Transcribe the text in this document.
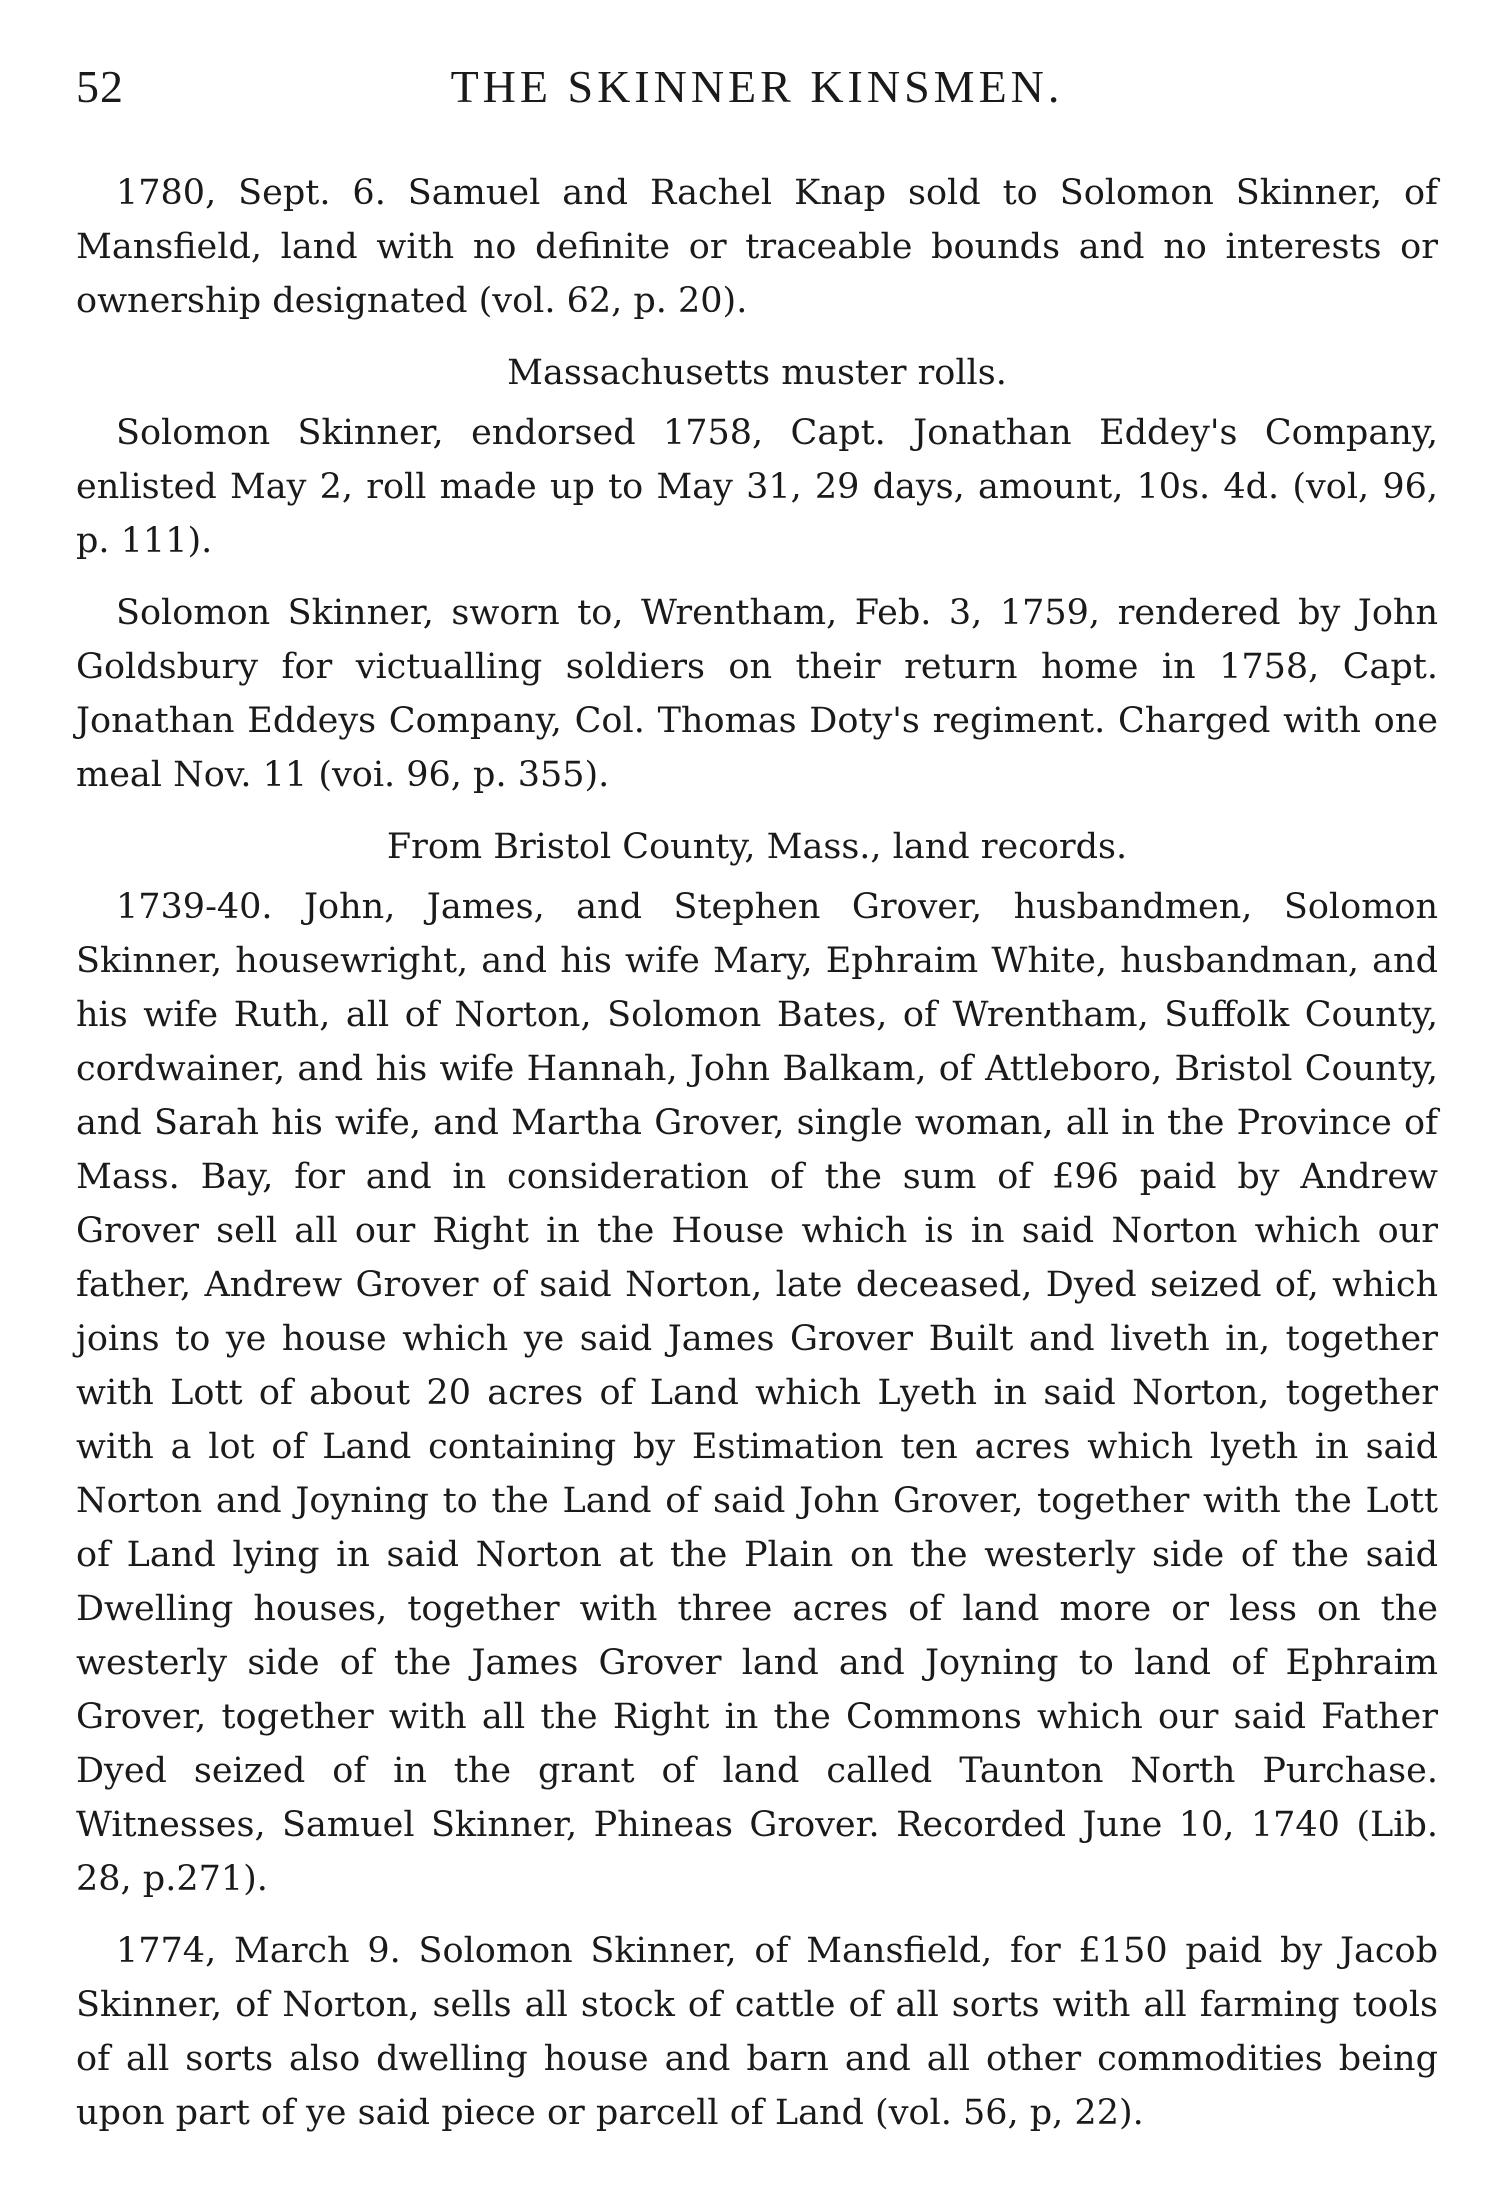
52	THE SKINNER KINSMEN.

1780, Sept. 6. Samuel and Rachel Knap sold to Solomon Skinner, of Mansfield, land with no definite or traceable bounds and no interests or ownership designated (vol. 62, p. 20).

Massachusetts muster rolls.

Solomon Skinner, endorsed 1758, Capt. Jonathan Eddey's Company, enlisted May 2, roll made up to May 31, 29 days, amount, 10s. 4d. (vol, 96, p. 111).

Solomon Skinner, sworn to, Wrentham, Feb. 3, 1759, rendered by John Goldsbury for victualling soldiers on their return home in 1758, Capt. Jonathan Eddeys Company, Col. Thomas Doty's regiment. Charged with one meal Nov. 11 (voi. 96, p. 355).

From Bristol County, Mass., land records.

1739-40. John, James, and Stephen Grover, husbandmen, Solomon Skinner, housewright, and his wife Mary, Ephraim White, husbandman, and his wife Ruth, all of Norton, Solomon Bates, of Wrentham, Suffolk County, cordwainer, and his wife Hannah, John Balkam, of Attleboro, Bristol County, and Sarah his wife, and Martha Grover, single woman, all in the Province of Mass. Bay, for and in consideration of the sum of £96 paid by Andrew Grover sell all our Right in the House which is in said Norton which our father, Andrew Grover of said Norton, late deceased, Dyed seized of, which joins to ye house which ye said James Grover Built and liveth in, together with Lott of about 20 acres of Land which Lyeth in said Norton, together with a lot of Land containing by Estimation ten acres which lyeth in said Norton and Joyning to the Land of said John Grover, together with the Lott of Land lying in said Norton at the Plain on the westerly side of the said Dwelling houses, together with three acres of land more or less on the westerly side of the James Grover land and Joyning to land of Ephraim Grover, together with all the Right in the Commons which our said Father Dyed seized of in the grant of land called Taunton North Purchase. Witnesses, Samuel Skinner, Phineas Grover. Recorded June 10, 1740 (Lib. 28, p.271).

1774, March 9. Solomon Skinner, of Mansfield, for £150 paid by Jacob Skinner, of Norton, sells all stock of cattle of all sorts with all farming tools of all sorts also dwelling house and barn and all other commodities being upon part of ye said piece or parcell of Land (vol. 56, p, 22).
